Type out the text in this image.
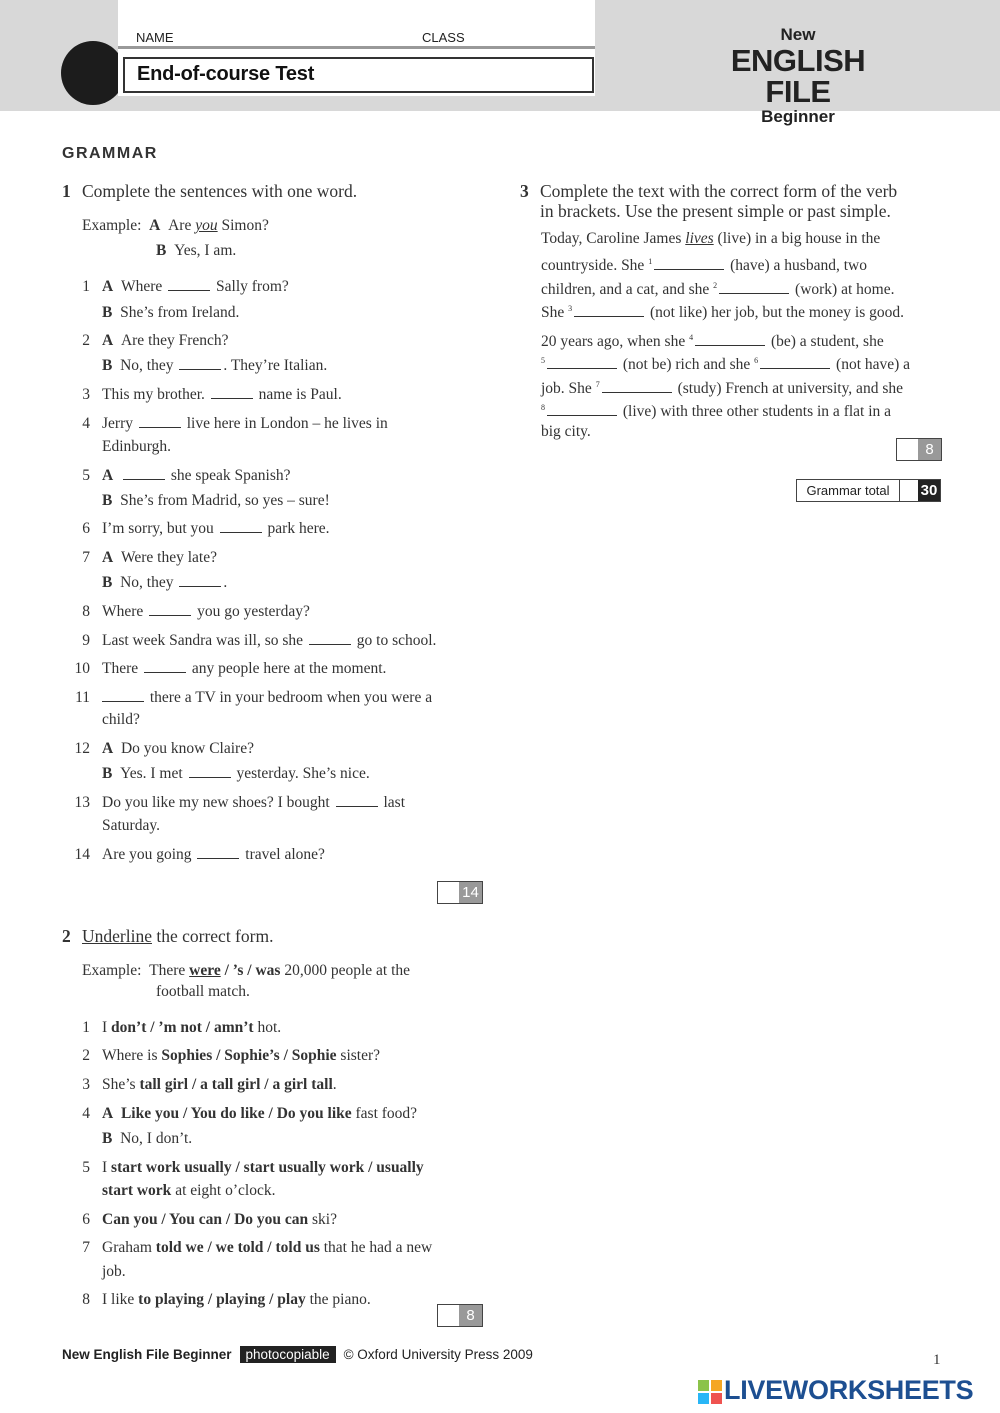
NAME	CLASS
End-of-course Test
New
ENGLISH FILE
Beginner
GRAMMAR
1 Complete the sentences with one word.
Example: A Are you Simon?
B Yes, I am.
1 A Where	Sally from?
B She’s from Ireland.
2 A Are they French?
B No, they	. They’re Italian.
3 This my brother.	name is Paul.
4 Jerry	live here in London – he lives in
Edinburgh.
5 A	she speak Spanish?
B She’s from Madrid, so yes – sure!
6 I’m sorry, but you	park here.
7 A Were they late?
B No, they	.
8 Where	you go yesterday?
9 Last week Sandra was ill, so she	go to school.
10 There	any people here at the moment.
11	there a TV in your bedroom when you were a
child?
12 A Do you know Claire?
B Yes. I met	yesterday. She’s nice.
13 Do you like my new shoes? I bought	last
Saturday.
14 Are you going	travel alone?
14
2 Underline the correct form.
Example: There were / ’s / was 20,000 people at the
football match.
1 I don’t / ’m not / amn’t hot.
2 Where is Sophies / Sophie’s / Sophie sister?
3 She’s tall girl / a tall girl / a girl tall.
4 A Like you / You do like / Do you like fast food?
B No, I don’t.
5 I start work usually / start usually work / usually
start work at eight o’clock.
6 Can you / You can / Do you can ski?
7 Graham told we / we told / told us that he had a new
job.
8 I like to playing / playing / play the piano.
8
3 Complete the text with the correct form of the verb
in brackets. Use the present simple or past simple.
Today, Caroline James lives (live) in a big house in the
countryside. She $^1$	(have) a husband, two
children, and a cat, and she $^2$	(work) at home.
She $^3$	(not like) her job, but the money is good.
20 years ago, when she $^4$	(be) a student, she
$^5$	(not be) rich and she $^6$	(not have) a
job. She $^7$	(study) French at university, and she
$^8$	(live) with three other students in a flat in a
big city.
8
Grammar total	30
New English File Beginner photocopiable © Oxford University Press 2009	1
LIVEWORKSHEETS
